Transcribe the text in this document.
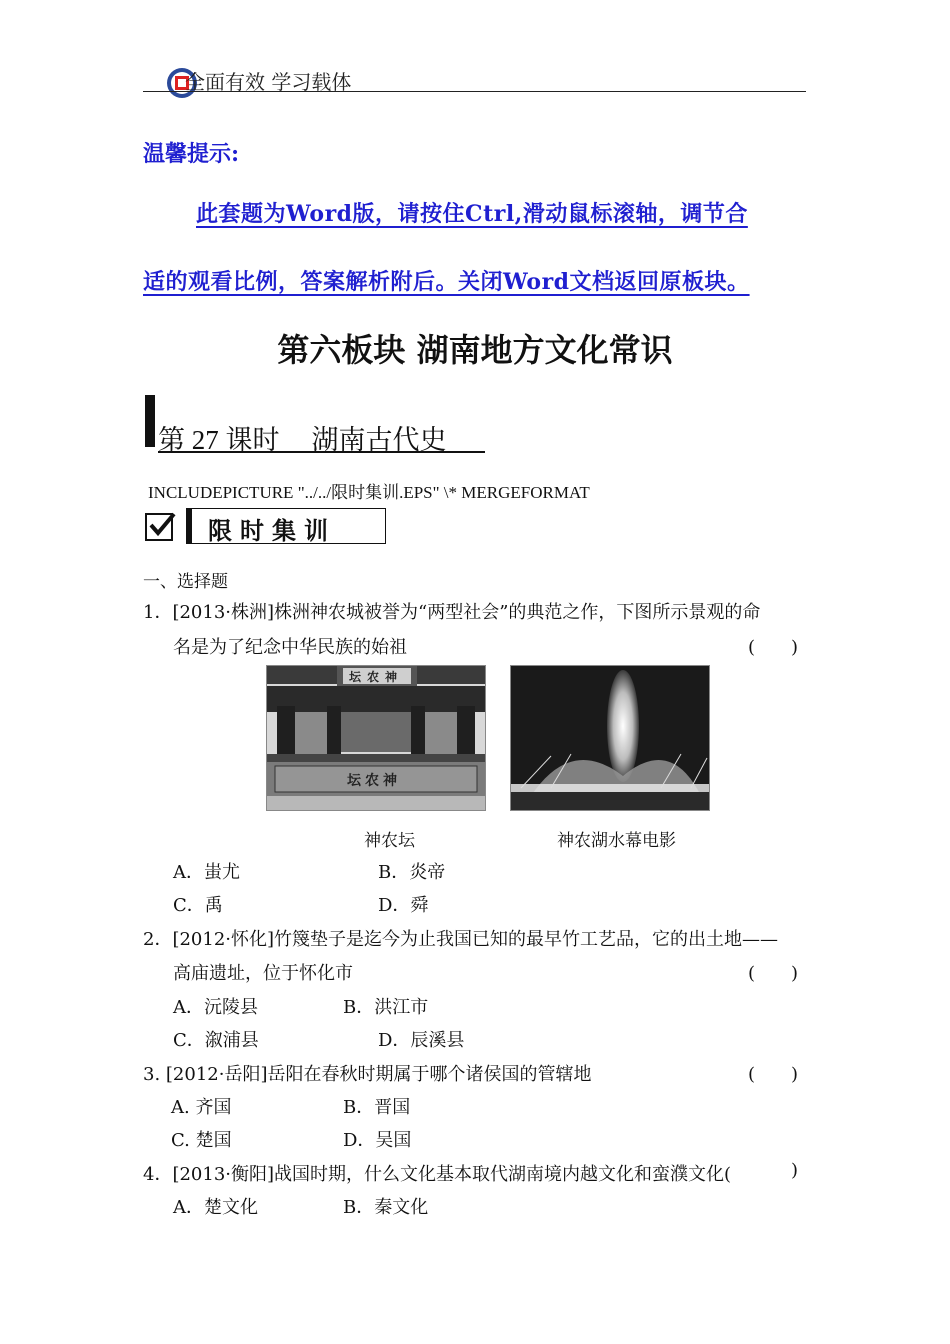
全面有效 学习载体
温馨提示:
此套题为Word版，请按住Ctrl,滑动鼠标滚轴，调节合
适的观看比例，答案解析附后。关闭Word文档返回原板块。
第六板块 湖南地方文化常识
第 27 课时 湖南古代史
INCLUDEPICTURE "../../限时集训.EPS" \* MERGEFORMAT
限时集训
一、选择题
1．[2013·株洲]株洲神农城被誉为“两型社会”的典范之作，下图所示景观的命
名是为了纪念中华民族的始祖	(　　)
坛农神
坛农神
神农坛	神农湖水幕电影
A．蚩尤	B．炎帝
C．禹	D．舜
2．[2012·怀化]竹篾垫子是迄今为止我国已知的最早竹工艺品，它的出土地——
高庙遗址，位于怀化市	(　　)
A．沅陵县	B．洪江市
C．溆浦县	D．辰溪县
3. [2012·岳阳]岳阳在春秋时期属于哪个诸侯国的管辖地	(　　)
A. 齐国	B．晋国
C. 楚国	D．吴国
4．[2013·衡阳]战国时期，什么文化基本取代湖南境内越文化和蛮濮文化(	)
A．楚文化	B．秦文化
